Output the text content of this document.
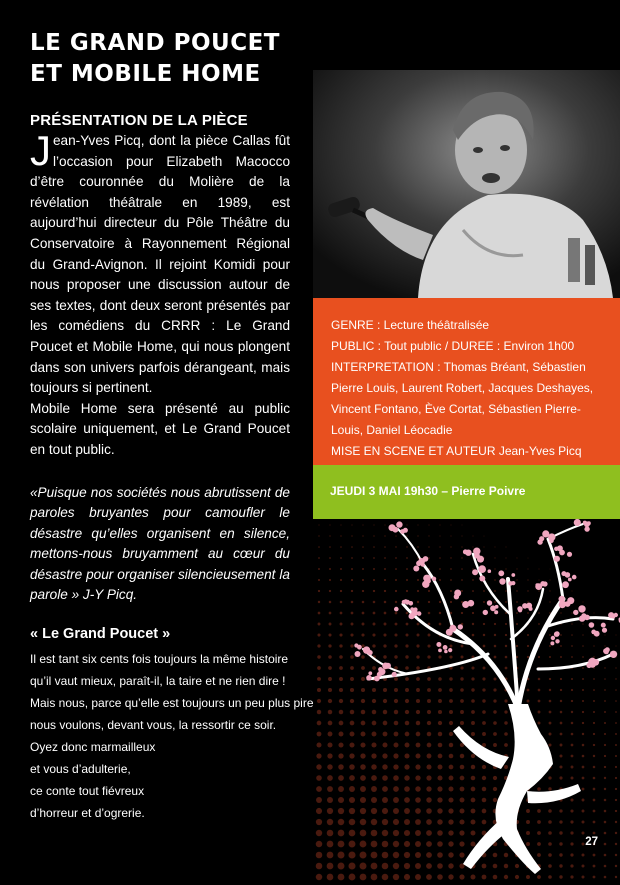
LE GRAND POUCET
ET MOBILE HOME
PRÉSENTATION DE LA PIÈCE

Jean-Yves Picq, dont la pièce Callas fût l’occasion pour Elizabeth Macocco d’être couronnée du Molière de la révélation théâtrale en 1989, est aujourd’hui directeur du Pôle Théâtre du Conservatoire à Rayonnement Régional du Grand-Avignon. Il rejoint Komidi pour nous proposer une discussion autour de ses textes, dont deux seront présentés par les comédiens du CRRR : Le Grand Poucet et Mobile Home, qui nous plongent dans son univers parfois dérangeant, mais toujours si pertinent.

Mobile Home sera présenté au public scolaire uniquement, et Le Grand Poucet en tout public.

«Puisque nos sociétés nous abrutissent de paroles bruyantes pour camoufler le désastre qu’elles organisent en silence, mettons-nous bruyamment au cœur du désastre pour organiser silencieusement la parole » J-Y Picq.

« Le Grand Poucet »
Il est tant six cents fois toujours la même histoire
qu’il vaut mieux, paraît-il, la taire et ne rien dire !
Mais nous, parce qu’elle est toujours un peu plus pire
nous voulons, devant vous, la ressortir ce soir.
Oyez donc marmailleux
et vous d’adulterie,
ce conte tout fiévreux
d’horreur et d’ogrerie.
GENRE : Lecture théâtralisée
PUBLIC : Tout public / DUREE : Environ 1h00
INTERPRETATION : Thomas Bréant, Sébastien
Pierre Louis, Laurent Robert, Jacques Deshayes,
Vincent Fontano, Ève Cortat, Sébastien Pierre-
Louis, Daniel Léocadie
MISE EN SCENE ET AUTEUR Jean-Yves Picq
JEUDI 3 MAI 19h30 – Pierre Poivre
27
